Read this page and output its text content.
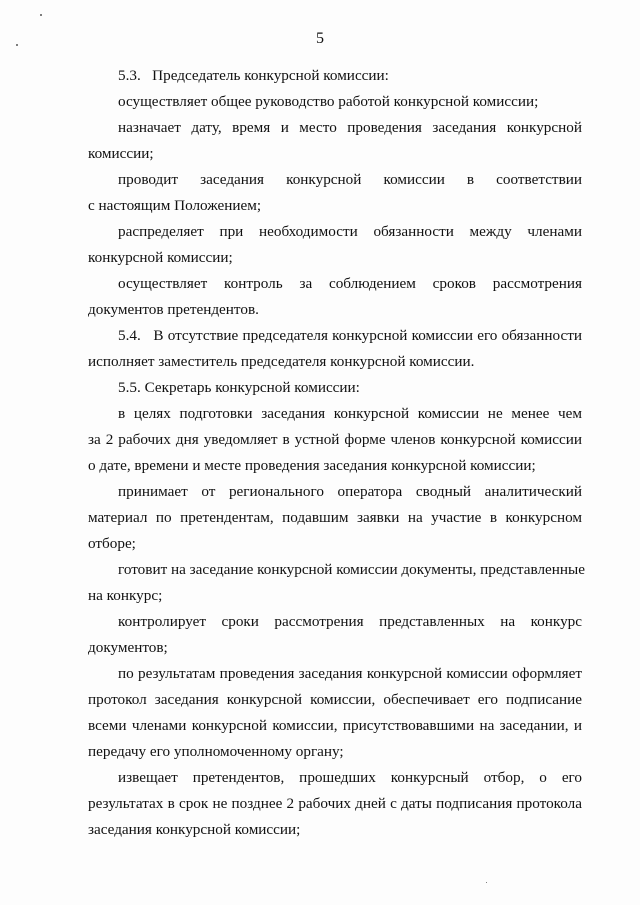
5
5.3.   Председатель конкурсной комиссии:
осуществляет общее руководство работой конкурсной комиссии;
назначает дату, время и место проведения заседания конкурсной
комиссии;
проводит заседания конкурсной комиссии в соответствии
с настоящим Положением;
распределяет при необходимости обязанности между членами
конкурсной комиссии;
осуществляет контроль за соблюдением сроков рассмотрения
документов претендентов.
5.4.   В отсутствие председателя конкурсной комиссии его обязанности
исполняет заместитель председателя конкурсной комиссии.
5.5. Секретарь конкурсной комиссии:
в целях подготовки заседания конкурсной комиссии не менее чем
за 2 рабочих дня уведомляет в устной форме членов конкурсной комиссии
о дате, времени и месте проведения заседания конкурсной комиссии;
принимает от регионального оператора сводный аналитический
материал по претендентам, подавшим заявки на участие в конкурсном
отборе;
готовит на заседание конкурсной комиссии документы, представленные
на конкурс;
контролирует сроки рассмотрения представленных на конкурс
документов;
по результатам проведения заседания конкурсной комиссии оформляет
протокол заседания конкурсной комиссии, обеспечивает его подписание
всеми членами конкурсной комиссии, присутствовавшими на заседании, и
передачу его уполномоченному органу;
извещает претендентов, прошедших конкурсный отбор, о его
результатах в срок не позднее 2 рабочих дней с даты подписания протокола
заседания конкурсной комиссии;
